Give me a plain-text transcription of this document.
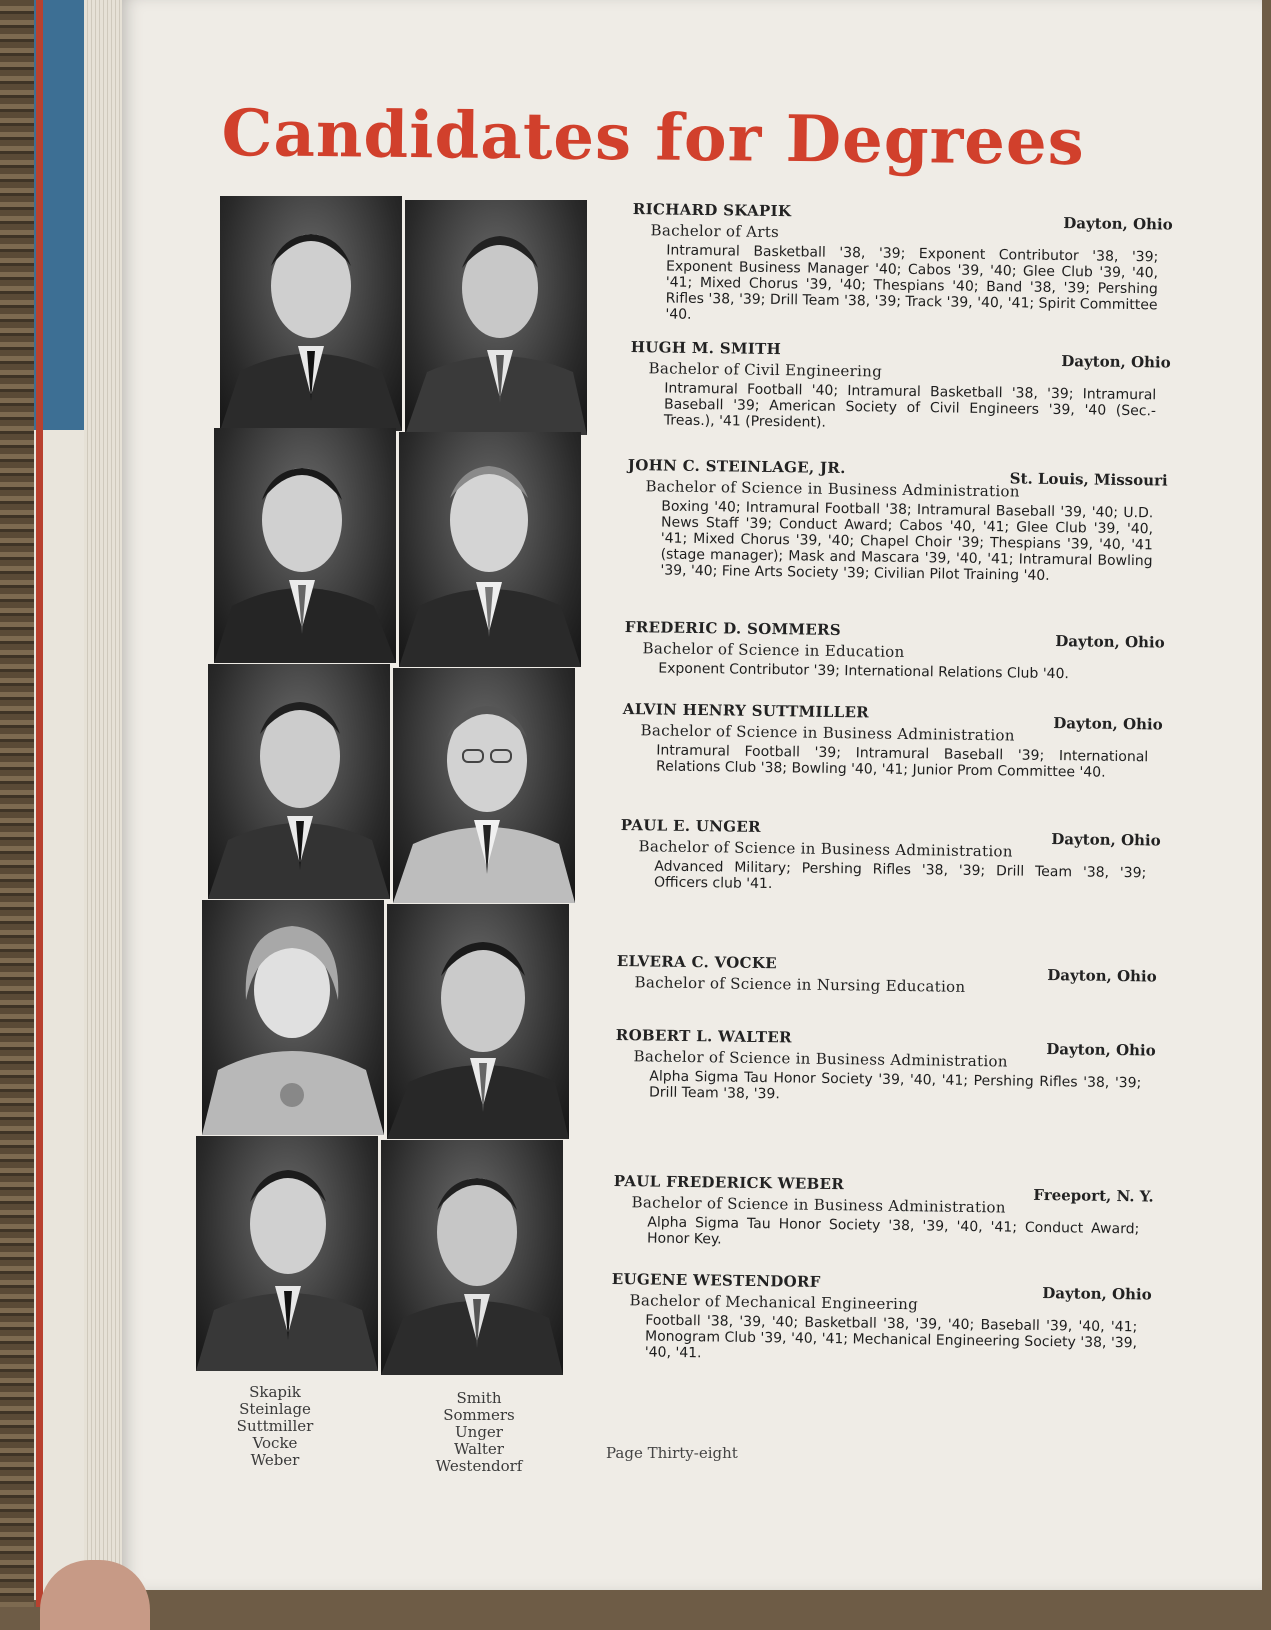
Candidates for Degrees
Skapik
Steinlage
Suttmiller
Vocke
Weber
Smith
Sommers
Unger
Walter
Westendorf
RICHARD SKAPIK
Dayton, Ohio
Bachelor of Arts
Intramural Basketball '38, '39; Exponent Contributor '38, '39; Exponent Business Manager '40; Cabos '39, '40; Glee Club '39, '40, '41; Mixed Chorus '39, '40; Thespians '40; Band '38, '39; Pershing Rifles '38, '39; Drill Team '38, '39; Track '39, '40, '41; Spirit Committee '40.
HUGH M. SMITH
Dayton, Ohio
Bachelor of Civil Engineering
Intramural Football '40; Intramural Basketball '38, '39; Intramural Baseball '39; American Society of Civil Engineers '39, '40 (Sec.-Treas.), '41 (President).
JOHN C. STEINLAGE, JR.
St. Louis, Missouri
Bachelor of Science in Business Administration
Boxing '40; Intramural Football '38; Intramural Baseball '39, '40; U.D. News Staff '39; Conduct Award; Cabos '40, '41; Glee Club '39, '40, '41; Mixed Chorus '39, '40; Chapel Choir '39; Thespians '39, '40, '41 (stage manager); Mask and Mascara '39, '40, '41; Intramural Bowling '39, '40; Fine Arts Society '39; Civilian Pilot Training '40.
FREDERIC D. SOMMERS
Dayton, Ohio
Bachelor of Science in Education
Exponent Contributor '39; International Relations Club '40.
ALVIN HENRY SUTTMILLER
Dayton, Ohio
Bachelor of Science in Business Administration
Intramural Football '39; Intramural Baseball '39; International Relations Club '38; Bowling '40, '41; Junior Prom Committee '40.
PAUL E. UNGER
Dayton, Ohio
Bachelor of Science in Business Administration
Advanced Military; Pershing Rifles '38, '39; Drill Team '38, '39; Officers club '41.
ELVERA C. VOCKE
Dayton, Ohio
Bachelor of Science in Nursing Education
ROBERT L. WALTER
Dayton, Ohio
Bachelor of Science in Business Administration
Alpha Sigma Tau Honor Society '39, '40, '41; Pershing Rifles '38, '39; Drill Team '38, '39.
PAUL FREDERICK WEBER
Freeport, N. Y.
Bachelor of Science in Business Administration
Alpha Sigma Tau Honor Society '38, '39, '40, '41; Conduct Award; Honor Key.
EUGENE WESTENDORF
Dayton, Ohio
Bachelor of Mechanical Engineering
Football '38, '39, '40; Basketball '38, '39, '40; Baseball '39, '40, '41; Monogram Club '39, '40, '41; Mechanical Engineering Society '38, '39, '40, '41.
Page Thirty-eight
